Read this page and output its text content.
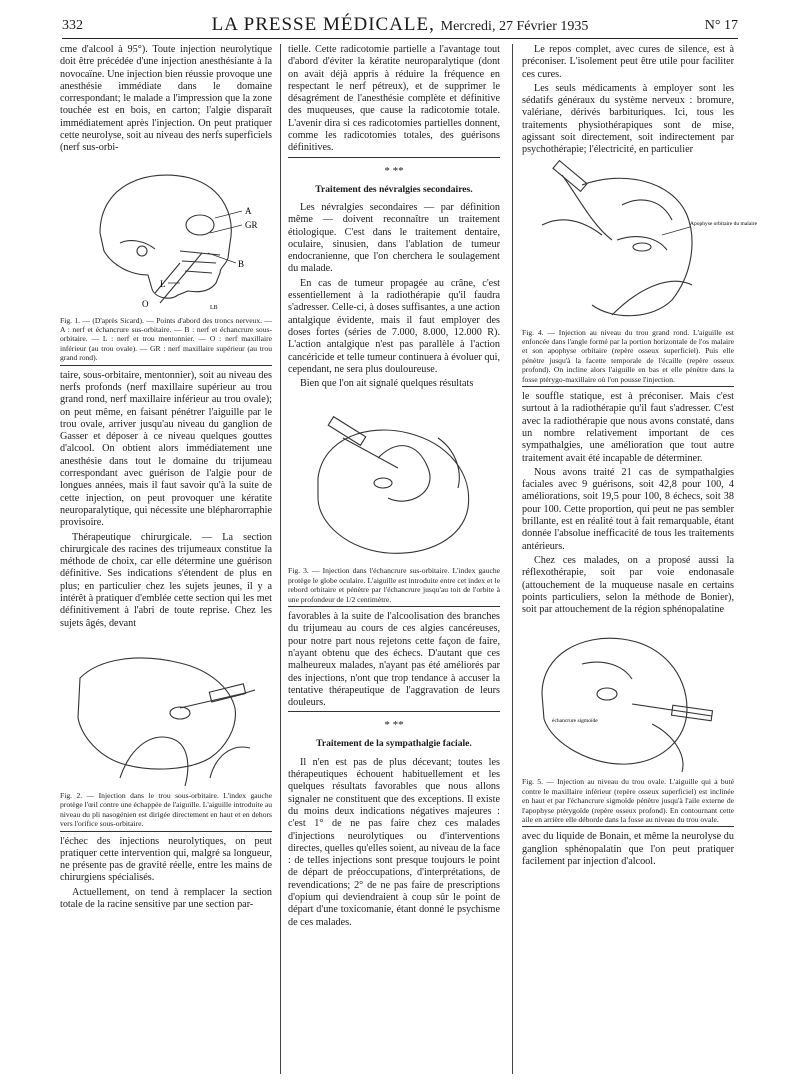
332	LA PRESSE MÉDICALE, Mercredi, 27 Février 1935	N° 17

cme d'alcool à 95°). Toute injection neurolytique doit être précédée d'une injection anesthésiante à la novocaïne. Une injection bien réussie provoque une anesthésie immédiate dans le domaine correspondant; le malade a l'impression que la zone touchée est en bois, en carton; l'algie disparaît immédiatement après l'injection. On peut pratiquer cette neurolyse, soit au niveau des nerfs superficiels (nerf sus-orbi-

A
GR
B
L
O	LB
Fig. 1. — (D'après Sicard). — Points d'abord des troncs nerveux. — A : nerf et échancrure sus-orbitaire. — B : nerf et échancrure sous-orbitaire. — L : nerf et trou mentonnier. — O : nerf maxillaire inférieur (au trou ovale). — GR : nerf maxillaire supérieur (au trou grand rond).

taire, sous-orbitaire, mentonnier), soit au niveau des nerfs profonds (nerf maxillaire supérieur au trou grand rond, nerf maxillaire inférieur au trou ovale); on peut même, en faisant pénétrer l'aiguille par le trou ovale, arriver jusqu'au niveau du ganglion de Gasser et déposer à ce niveau quelques gouttes d'alcool. On obtient alors immédiatement une anesthésie dans tout le domaine du trijumeau correspondant avec guérison de l'algie pour de longues années, mais il faut savoir qu'à la suite de cette injection, on peut provoquer une kératite neuroparalytique, qui nécessite une blépharorraphie provisoire.

Thérapeutique chirurgicale. — La section chirurgicale des racines des trijumeaux constitue la méthode de choix, car elle détermine une guérison définitive. Ses indications s'étendent de plus en plus; en particulier chez les sujets jeunes, il y a intérêt à pratiquer d'emblée cette section qui les met définitivement à l'abri de toute reprise. Chez les sujets âgés, devant

Fig. 2. — Injection dans le trou sous-orbitaire. L'index gauche protège l'œil contre une échappée de l'aiguille. L'aiguille introduite au niveau du pli nasogénien est dirigée directement en haut et en dehors vers l'orifice sous-orbitaire.

l'échec des injections neurolytiques, on peut pratiquer cette intervention qui, malgré sa longueur, ne présente pas de gravité réelle, entre les mains de chirurgiens spécialisés.

Actuellement, on tend à remplacer la section totale de la racine sensitive par une section par-

tielle. Cette radicotomie partielle a l'avantage tout d'abord d'éviter la kératite neuroparalytique (dont on avait déjà appris à réduire la fréquence en respectant le nerf pétreux), et de supprimer le désagrément de l'anesthésie complète et définitive des muqueuses, que cause la radicotomie totale. L'avenir dira si ces radicotomies partielles donnent, comme les radicotomies totales, des guérisons définitives.

* **
Traitement des névralgies secondaires.

Les névralgies secondaires — par définition même — doivent reconnaître un traitement étiologique. C'est dans le traitement dentaire, oculaire, sinusien, dans l'ablation de tumeur endocranienne, que l'on cherchera le soulagement du malade.

En cas de tumeur propagée au crâne, c'est essentiellement à la radiothérapie qu'il faudra s'adresser. Celle-ci, à doses suffisantes, a une action antalgique évidente, mais il faut employer des doses fortes (séries de 7.000, 8.000, 12.000 R). L'action antalgique n'est pas parallèle à l'action cancéricide et telle tumeur continuera à évoluer qui, cependant, ne sera plus douloureuse.

Bien que l'on ait signalé quelques résultats

Fig. 3. — Injection dans l'échancrure sus-orbitaire. L'index gauche protège le globe oculaire. L'aiguille est introduite entre cet index et le rebord orbitaire et pénètre par l'échancrure jusqu'au toit de l'orbite à une profondeur de 1/2 centimètre.

favorables à la suite de l'alcoolisation des branches du trijumeau au cours de ces algies cancéreuses, pour notre part nous rejetons cette façon de faire, n'ayant obtenu que des échecs. D'autant que ces malheureux malades, n'ayant pas été améliorés par des injections, n'ont que trop tendance à accuser la tentative thérapeutique de l'aggravation de leurs douleurs.

* **
Traitement de la sympathalgie faciale.

Il n'en est pas de plus décevant; toutes les thérapeutiques échouent habituellement et les quelques résultats favorables que nous allons signaler ne constituent que des exceptions. Il existe du moins deux indications négatives majeures : c'est 1° de ne pas faire chez ces malades d'injections neurolytiques ou d'interventions directes, quelles qu'elles soient, au niveau de la face : de telles injections sont presque toujours le point de départ de préoccupations, d'interprétations, de revendications; 2° de ne pas faire de prescriptions d'opium qui deviendraient à coup sûr le point de départ d'une toxicomanie, étant donné le psychisme de ces malades.

Le repos complet, avec cures de silence, est à préconiser. L'isolement peut être utile pour faciliter ces cures.

Les seuls médicaments à employer sont les sédatifs généraux du système nerveux : bromure, valériane, dérivés barbituriques. Ici, tous les traitements physiothérapiques sont de mise, agissant soit directement, soit indirectement par psychothérapie; l'électricité, en particulier

Apophyse orbitaire du malaire
Fig. 4. — Injection au niveau du trou grand rond. L'aiguille est enfoncée dans l'angle formé par la portion horizontale de l'os malaire et son apophyse orbitaire (repère osseux superficiel). Puis elle pénètre jusqu'à la facette temporale de l'écaille (repère osseux profond). On incline alors l'aiguille en bas et elle pénètre dans la fosse ptérygo-maxillaire où l'on pousse l'injection.

le souffle statique, est à préconiser. Mais c'est surtout à la radiothérapie qu'il faut s'adresser. C'est avec la radiothérapie que nous avons constaté, dans un nombre relativement important de ces sympathalgies, une amélioration que tout autre traitement avait été incapable de déterminer.

Nous avons traité 21 cas de sympathalgies faciales avec 9 guérisons, soit 42,8 pour 100, 4 améliorations, soit 19,5 pour 100, 8 échecs, soit 38 pour 100. Cette proportion, qui peut ne pas sembler brillante, est en réalité tout à fait remarquable, étant donnée l'absolue inefficacité de tous les traitements antérieurs.

Chez ces malades, on a proposé aussi la réflexothérapie, soit par voie endonasale (attouchement de la muqueuse nasale en certains points particuliers, selon la méthode de Bonier), soit par attouchement de la région sphénopalatine

échancrure sigmoïde
Fig. 5. — Injection au niveau du trou ovale. L'aiguille qui a buté contre le maxillaire inférieur (repère osseux superficiel) est inclinée en haut et par l'échancrure sigmoïde pénètre jusqu'à l'aile externe de l'apophyse ptérygoïde (repère osseux profond). En contournant cette aile en arrière elle déborde dans la fosse au niveau du trou ovale.

avec du liquide de Bonain, et même la neurolyse du ganglion sphénopalatin que l'on peut pratiquer facilement par injection d'alcool.
